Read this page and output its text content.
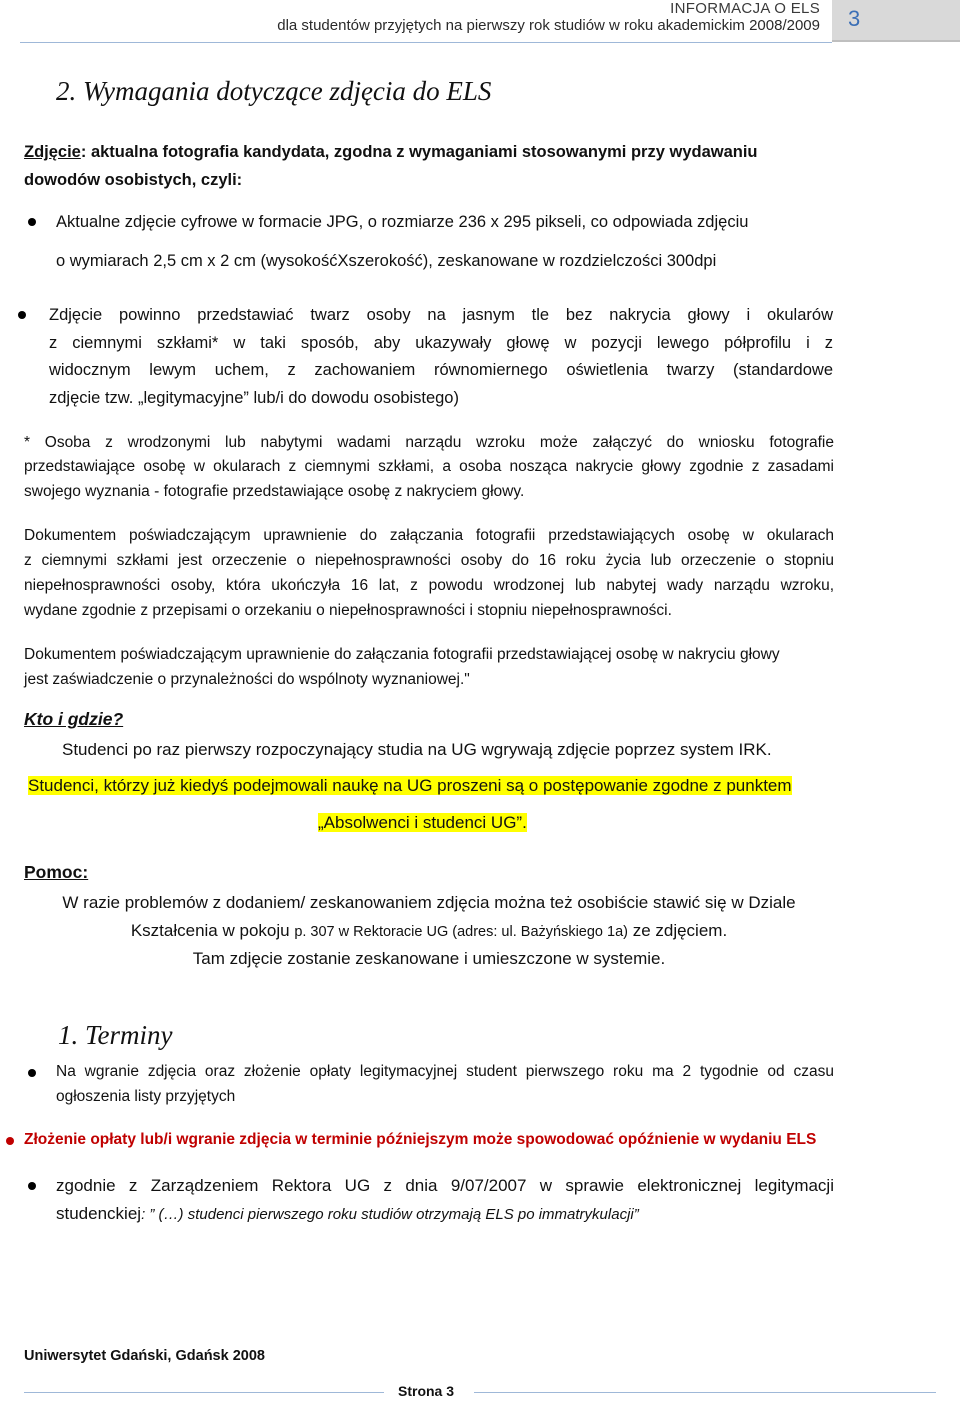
INFORMACJA O ELS
dla studentów przyjętych na pierwszy rok studiów w roku akademickim 2008/2009 3
2. Wymagania dotyczące zdjęcia do ELS
Zdjęcie: aktualna fotografia kandydata, zgodna z wymaganiami stosowanymi przy wydawaniu
dowodów osobistych, czyli:
Aktualne zdjęcie cyfrowe w formacie JPG, o rozmiarze 236 x 295 pikseli, co odpowiada zdjęciu
o wymiarach 2,5 cm x 2 cm (wysokośćXszerokość), zeskanowane w rozdzielczości 300dpi
Zdjęcie powinno przedstawiać twarz osoby na jasnym tle bez nakrycia głowy i okularów
z ciemnymi szkłami* w taki sposób, aby ukazywały głowę w pozycji lewego półprofilu i z
widocznym lewym uchem, z zachowaniem równomiernego oświetlenia twarzy (standardowe
zdjęcie tzw. „legitymacyjne” lub/i do dowodu osobistego)
* Osoba z wrodzonymi lub nabytymi wadami narządu wzroku może załączyć do wniosku fotografie
przedstawiające osobę w okularach z ciemnymi szkłami, a osoba nosząca nakrycie głowy zgodnie z zasadami
swojego wyznania - fotografie przedstawiające osobę z nakryciem głowy.
Dokumentem poświadczającym uprawnienie do załączania fotografii przedstawiających osobę w okularach
z ciemnymi szkłami jest orzeczenie o niepełnosprawności osoby do 16 roku życia lub orzeczenie o stopniu
niepełnosprawności osoby, która ukończyła 16 lat, z powodu wrodzonej lub nabytej wady narządu wzroku,
wydane zgodnie z przepisami o orzekaniu o niepełnosprawności i stopniu niepełnosprawności.
Dokumentem poświadczającym uprawnienie do załączania fotografii przedstawiającej osobę w nakryciu głowy
jest zaświadczenie o przynależności do wspólnoty wyznaniowej."
Kto i gdzie?
Studenci po raz pierwszy rozpoczynający studia na UG wgrywają zdjęcie poprzez system IRK.
Studenci, którzy już kiedyś podejmowali naukę na UG proszeni są o postępowanie zgodne z punktem
„Absolwenci i studenci UG”.
Pomoc:
W razie problemów z dodaniem/ zeskanowaniem zdjęcia można też osobiście stawić się w Dziale
Kształcenia w pokoju p. 307 w Rektoracie UG (adres: ul. Bażyńskiego 1a) ze zdjęciem.
Tam zdjęcie zostanie zeskanowane i umieszczone w systemie.
1. Terminy
Na wgranie zdjęcia oraz złożenie opłaty legitymacyjnej student pierwszego roku ma 2 tygodnie od czasu
ogłoszenia listy przyjętych
Złożenie opłaty lub/i wgranie zdjęcia w terminie późniejszym może spowodować opóźnienie w wydaniu ELS
zgodnie z Zarządzeniem Rektora UG z dnia 9/07/2007 w sprawie elektronicznej legitymacji
studenckiej: ” (…) studenci pierwszego roku studiów otrzymają ELS po immatrykulacji”
Uniwersytet Gdański, Gdańsk 2008
Strona 3
